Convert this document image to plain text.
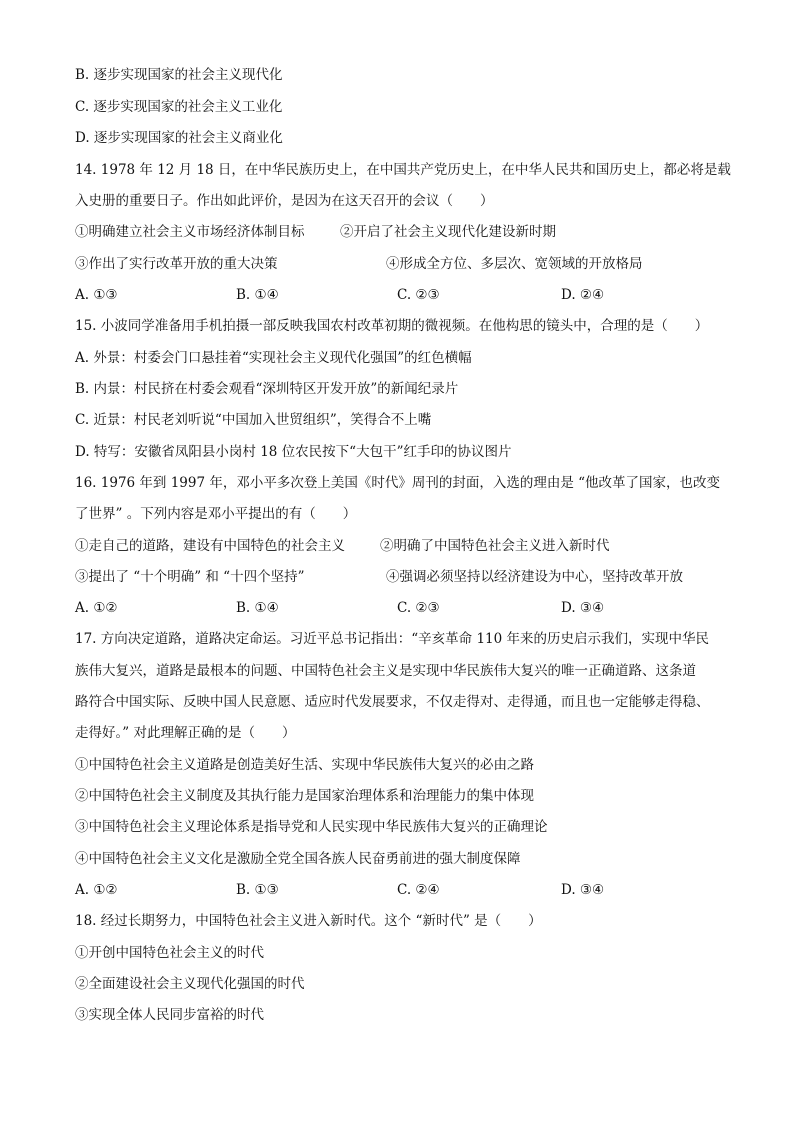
B. 逐步实现国家的社会主义现代化
C. 逐步实现国家的社会主义工业化
D. 逐步实现国家的社会主义商业化
14. 1978 年 12 月 18 日，在中华民族历史上，在中国共产党历史上，在中华人民共和国历史上，都必将是载
入史册的重要日子。作出如此评价，是因为在这天召开的会议（　　）
①明确建立社会主义市场经济体制目标	②开启了社会主义现代化建设新时期
③作出了实行改革开放的重大决策	④形成全方位、多层次、宽领域的开放格局
A. ①③	B. ①④	C. ②③	D. ②④
15. 小波同学准备用手机拍摄一部反映我国农村改革初期的微视频。在他构思的镜头中，合理的是（　　）
A. 外景：村委会门口悬挂着“实现社会主义现代化强国”的红色横幅
B. 内景：村民挤在村委会观看“深圳特区开发开放”的新闻纪录片
C. 近景：村民老刘听说“中国加入世贸组织”，笑得合不上嘴
D. 特写：安徽省凤阳县小岗村 18 位农民按下“大包干”红手印的协议图片
16. 1976 年到 1997 年，邓小平多次登上美国《时代》周刊的封面，入选的理由是 “他改革了国家，也改变
了世界” 。下列内容是邓小平提出的有（　　）
①走自己的道路，建设有中国特色的社会主义	②明确了中国特色社会主义进入新时代
③提出了 “十个明确” 和 “十四个坚持”	④强调必须坚持以经济建设为中心，坚持改革开放
A. ①②	B. ①④	C. ②③	D. ③④
17. 方向决定道路，道路决定命运。习近平总书记指出：“辛亥革命 110 年来的历史启示我们，实现中华民
族伟大复兴，道路是最根本的问题、中国特色社会主义是实现中华民族伟大复兴的唯一正确道路、这条道
路符合中国实际、反映中国人民意愿、适应时代发展要求，不仅走得对、走得通，而且也一定能够走得稳、
走得好。” 对此理解正确的是（　　）
①中国特色社会主义道路是创造美好生活、实现中华民族伟大复兴的必由之路
②中国特色社会主义制度及其执行能力是国家治理体系和治理能力的集中体现
③中国特色社会主义理论体系是指导党和人民实现中华民族伟大复兴的正确理论
④中国特色社会主义文化是激励全党全国各族人民奋勇前进的强大制度保障
A. ①②	B. ①③	C. ②④	D. ③④
18. 经过长期努力，中国特色社会主义进入新时代。这个 “新时代” 是（　　）
①开创中国特色社会主义的时代
②全面建设社会主义现代化强国的时代
③实现全体人民同步富裕的时代
